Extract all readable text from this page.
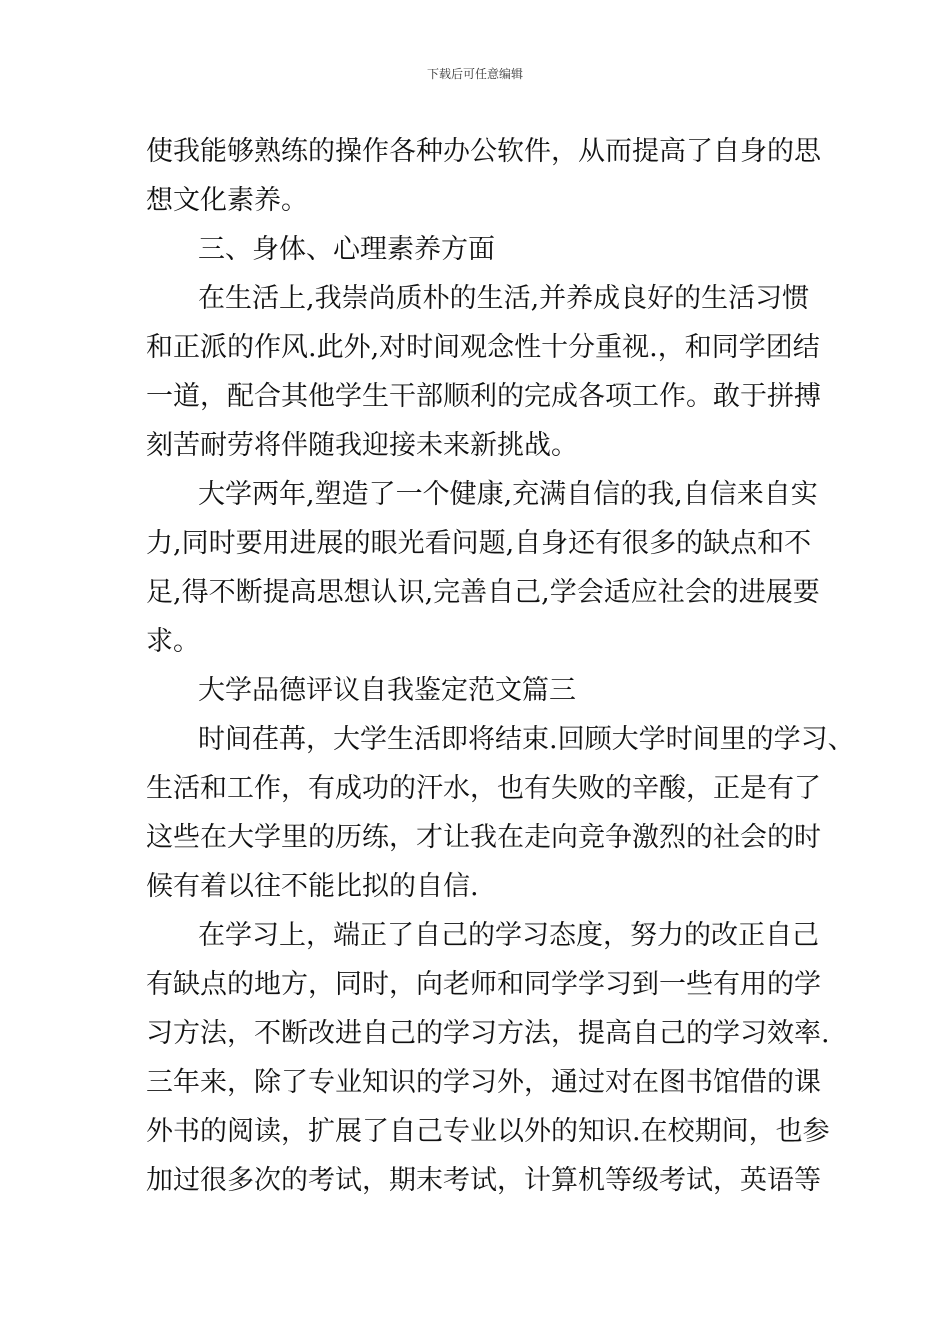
下载后可任意编辑
使我能够熟练的操作各种办公软件，从而提高了自身的思
想文化素养。
三、身体、心理素养方面
在生活上,我崇尚质朴的生活,并养成良好的生活习惯
和正派的作风.此外,对时间观念性十分重视.，和同学团结
一道，配合其他学生干部顺利的完成各项工作。敢于拼搏
刻苦耐劳将伴随我迎接未来新挑战。
大学两年,塑造了一个健康,充满自信的我,自信来自实
力,同时要用进展的眼光看问题,自身还有很多的缺点和不
足,得不断提高思想认识,完善自己,学会适应社会的进展要
求。
大学品德评议自我鉴定范文篇三
时间荏苒，大学生活即将结束.回顾大学时间里的学习、
生活和工作，有成功的汗水，也有失败的辛酸，正是有了
这些在大学里的历练，才让我在走向竞争激烈的社会的时
候有着以往不能比拟的自信.
在学习上，端正了自己的学习态度，努力的改正自己
有缺点的地方，同时，向老师和同学学习到一些有用的学
习方法，不断改进自己的学习方法，提高自己的学习效率.
三年来，除了专业知识的学习外，通过对在图书馆借的课
外书的阅读，扩展了自己专业以外的知识.在校期间，也参
加过很多次的考试，期末考试，计算机等级考试，英语等
